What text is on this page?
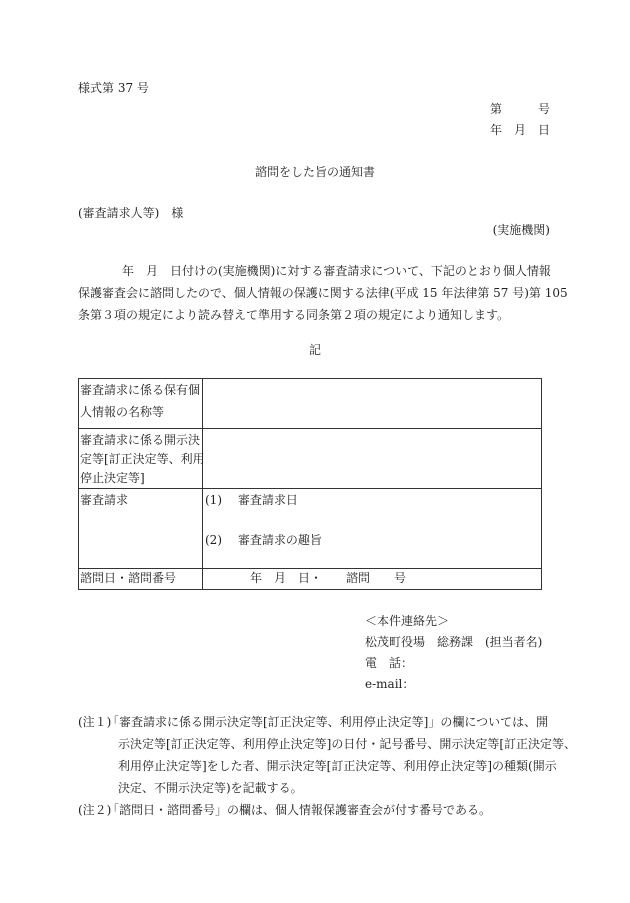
様式第 37 号
第　　　号
年　月　日
諮問をした旨の通知書
(審査請求人等)　様
(実施機関)
年　月　日付けの(実施機関)に対する審査請求について、下記のとおり個人情報
保護審査会に諮問したので、個人情報の保護に関する法律(平成 15 年法律第 57 号)第 105
条第３項の規定により読み替えて準用する同条第２項の規定により通知します。
記
審査請求に係る保有個
人情報の名称等	

審査請求に係る開示決
定等[訂正決定等、利用
停止決定等]	

審査請求	(1)　 審査請求日
(2)　 審査請求の趣旨

諮問日・諮問番号	年　月　日・　　諮問　　号
＜本件連絡先＞
松茂町役場　総務課　(担当者名)
電　話：
e-mail：
(注１)
「審査請求に係る開示決定等[訂正決定等、利用停止決定等]」の欄については、開
示決定等[訂正決定等、利用停止決定等]の日付・記号番号、開示決定等[訂正決定等、
利用停止決定等]をした者、開示決定等[訂正決定等、利用停止決定等]の種類(開示
決定、不開示決定等)を記載する。
(注２)
「諮問日・諮問番号」の欄は、個人情報保護審査会が付す番号である。
